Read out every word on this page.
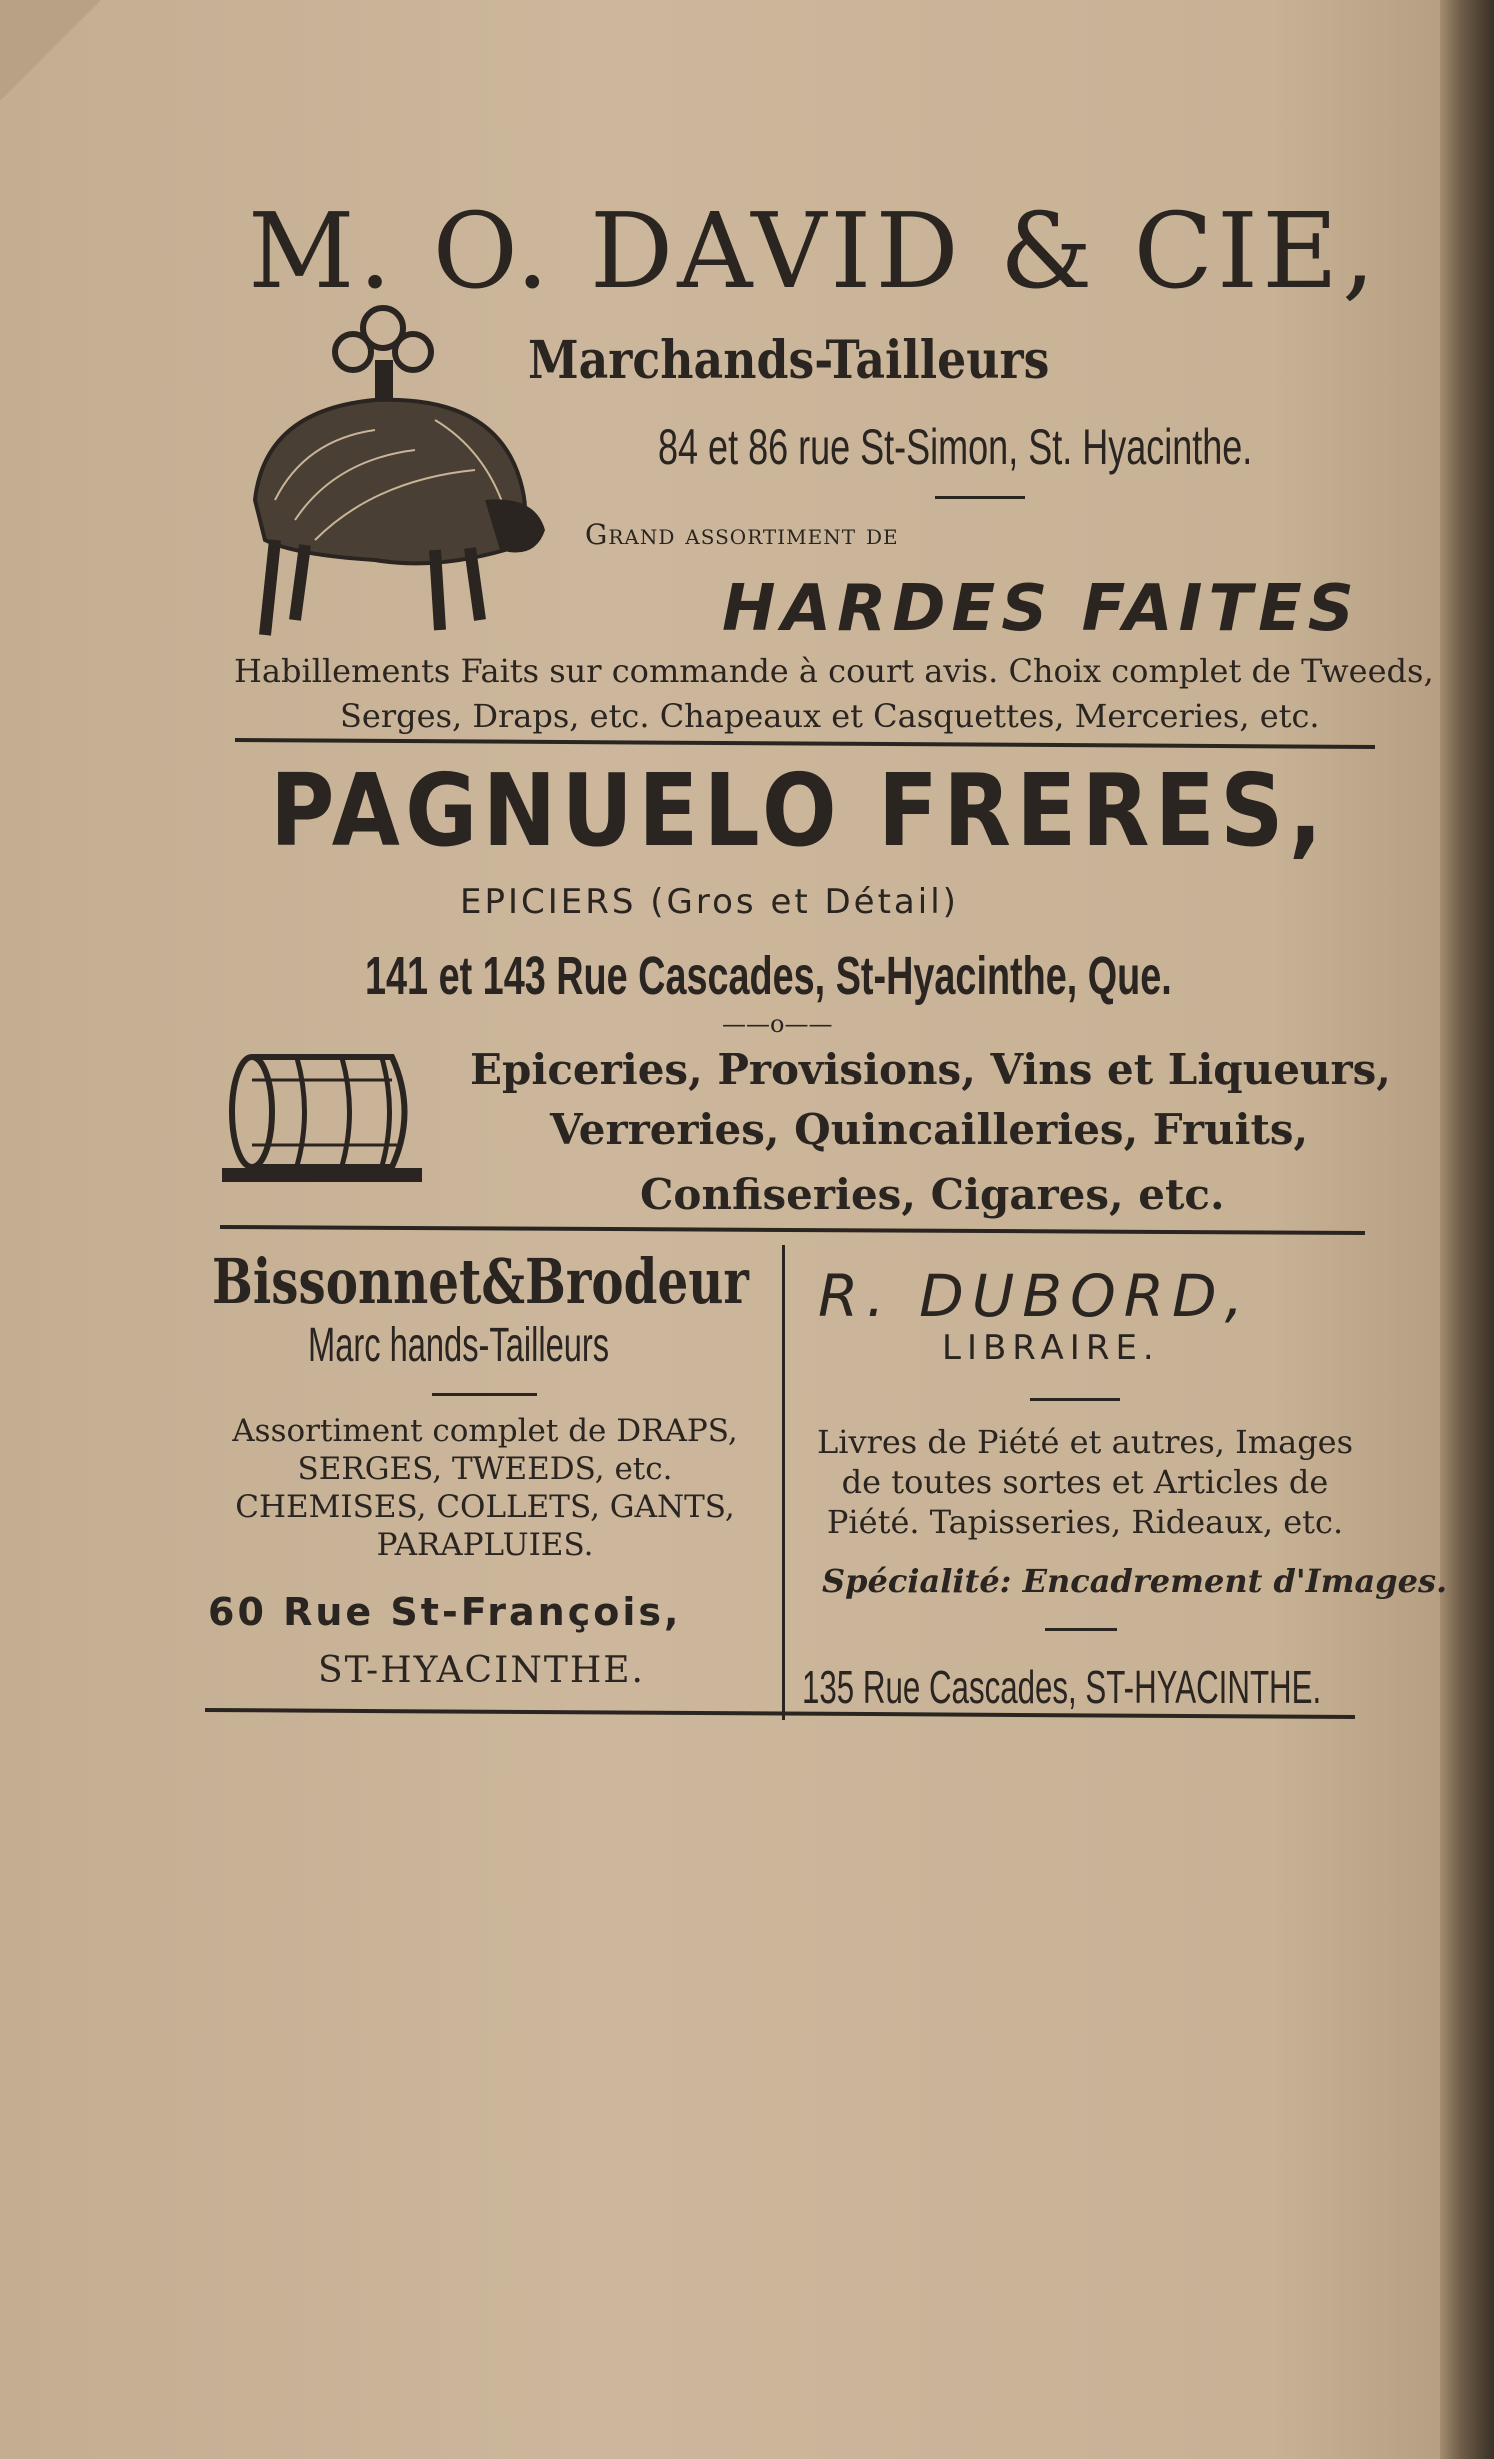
M. O. DAVID & CIE,
Marchands-Tailleurs
84 et 86 rue St-Simon, St. Hyacinthe.
Grand assortiment de
HARDES FAITES
Habillements Faits sur commande à court avis. Choix complet de Tweeds,
Serges, Draps, etc. Chapeaux et Casquettes, Merceries, etc.
PAGNUELO FRERES,
EPICIERS (Gros et Détail)
141 et 143 Rue Cascades, St-Hyacinthe, Que.
——o——
Epiceries, Provisions, Vins et Liqueurs,
Verreries, Quincailleries, Fruits,
Confiseries, Cigares, etc.
Bissonnet&Brodeur
Marc hands-Tailleurs
Assortiment complet de DRAPS, SERGES, TWEEDS, etc. CHEMISES, COLLETS, GANTS, PARAPLUIES.
60 Rue St-François,
ST-HYACINTHE.
R. DUBORD,
LIBRAIRE.
Livres de Piété et autres, Images de toutes sortes et Articles de Piété. Tapisseries, Rideaux, etc.
Spécialité: Encadrement d'Images.
135 Rue Cascades, ST-HYACINTHE.
